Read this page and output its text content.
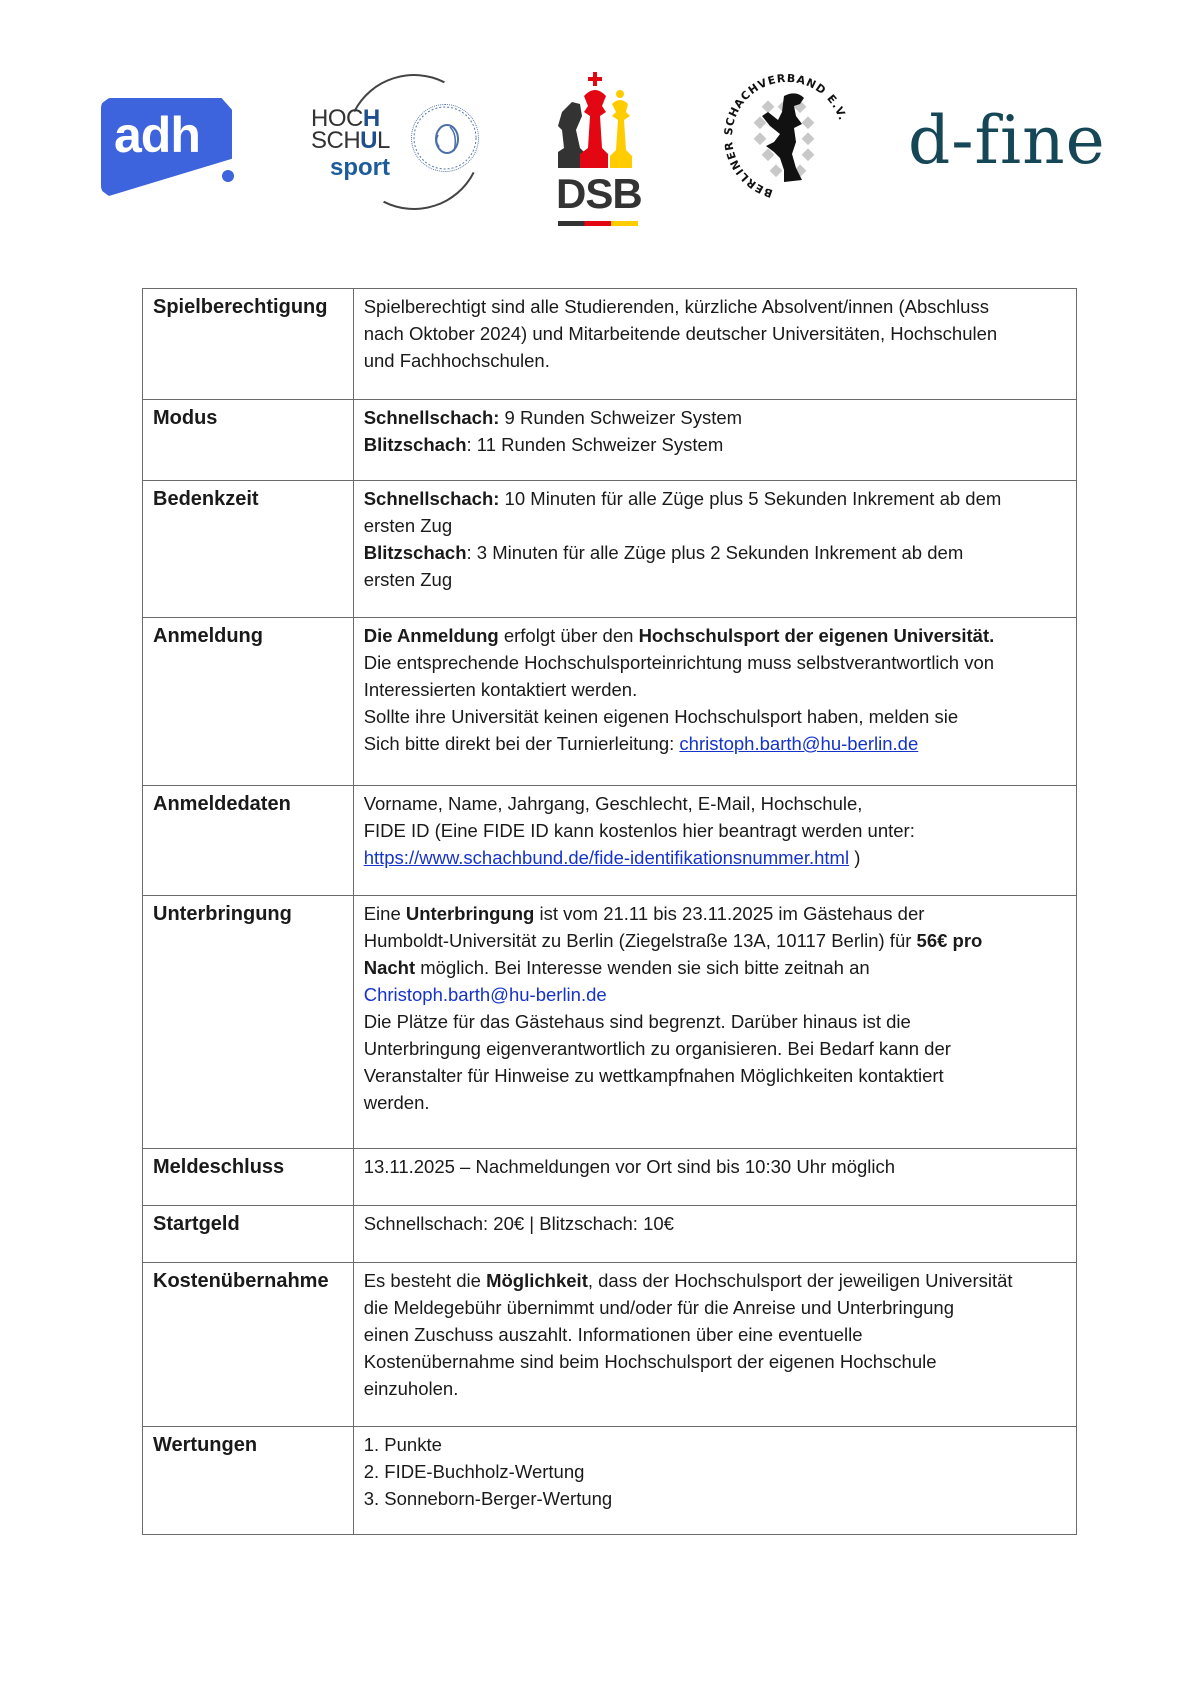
adh	HOCH
SCHUL
sport
DSB	BERLINER SCHACHVERBAND E.V. d-fine
Spielberechtigung	Spielberechtigt sind alle Studierenden, kürzliche Absolvent/innen (Abschluss
nach Oktober 2024) und Mitarbeitende deutscher Universitäten, Hochschulen
und Fachhochschulen.

Modus	Schnellschach: 9 Runden Schweizer System
Blitzschach: 11 Runden Schweizer System

Bedenkzeit	Schnellschach: 10 Minuten für alle Züge plus 5 Sekunden Inkrement ab dem
ersten Zug
Blitzschach: 3 Minuten für alle Züge plus 2 Sekunden Inkrement ab dem
ersten Zug

Anmeldung	Die Anmeldung erfolgt über den Hochschulsport der eigenen Universität.
Die entsprechende Hochschulsporteinrichtung muss selbstverantwortlich von
Interessierten kontaktiert werden.
Sollte ihre Universität keinen eigenen Hochschulsport haben, melden sie
Sich bitte direkt bei der Turnierleitung: christoph.barth@hu-berlin.de

Anmeldedaten	Vorname, Name, Jahrgang, Geschlecht, E-Mail, Hochschule,
FIDE ID (Eine FIDE ID kann kostenlos hier beantragt werden unter:
https://www.schachbund.de/fide-identifikationsnummer.html )

Unterbringung	Eine Unterbringung ist vom 21.11 bis 23.11.2025 im Gästehaus der
Humboldt-Universität zu Berlin (Ziegelstraße 13A, 10117 Berlin) für 56€ pro
Nacht möglich. Bei Interesse wenden sie sich bitte zeitnah an
Christoph.barth@hu-berlin.de
Die Plätze für das Gästehaus sind begrenzt. Darüber hinaus ist die
Unterbringung eigenverantwortlich zu organisieren. Bei Bedarf kann der
Veranstalter für Hinweise zu wettkampfnahen Möglichkeiten kontaktiert
werden.

Meldeschluss	13.11.2025 – Nachmeldungen vor Ort sind bis 10:30 Uhr möglich

Startgeld	Schnellschach: 20€ | Blitzschach: 10€

Kostenübernahme	Es besteht die Möglichkeit, dass der Hochschulsport der jeweiligen Universität
die Meldegebühr übernimmt und/oder für die Anreise und Unterbringung
einen Zuschuss auszahlt. Informationen über eine eventuelle
Kostenübernahme sind beim Hochschulsport der eigenen Hochschule
einzuholen.

Wertungen	1. Punkte
2. FIDE-Buchholz-Wertung
3. Sonneborn-Berger-Wertung
